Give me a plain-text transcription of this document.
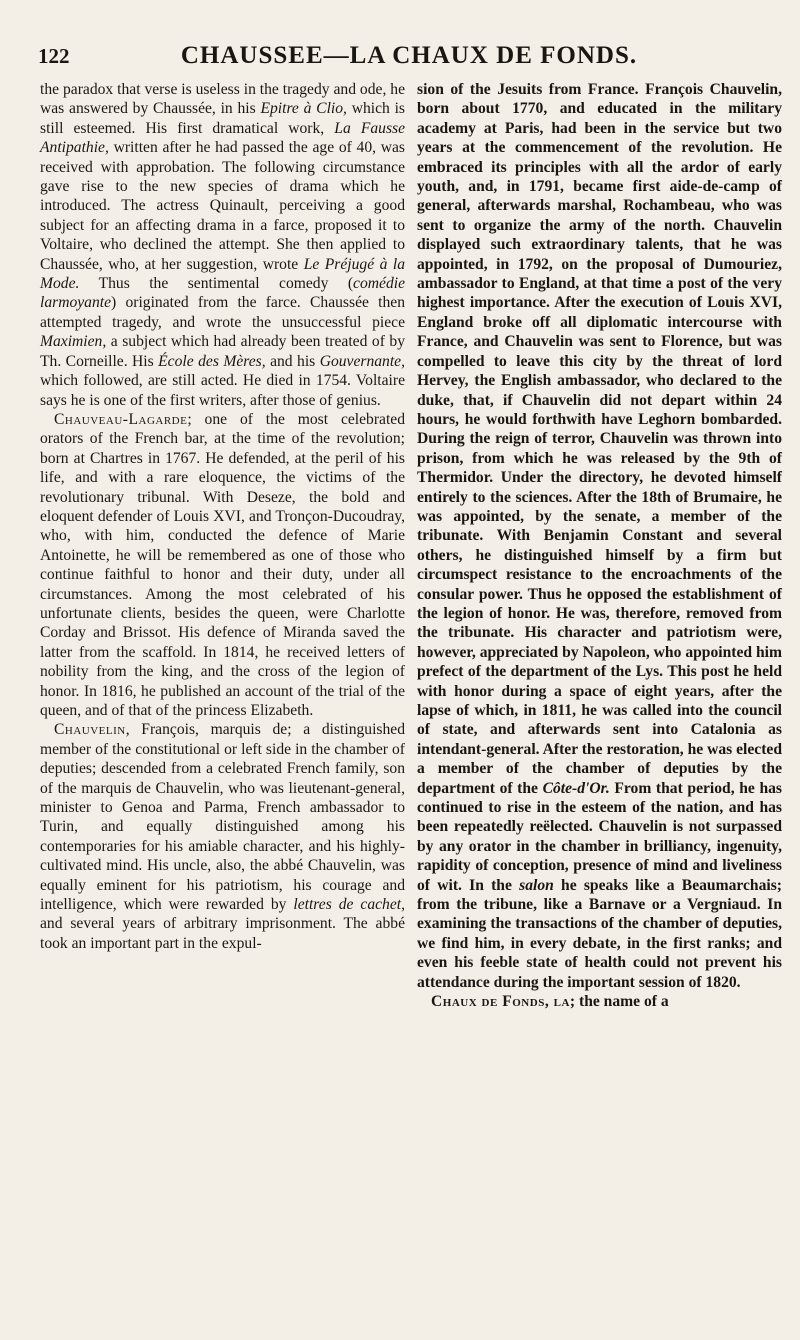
122	CHAUSSEE—LA CHAUX DE FONDS.

the paradox that verse is useless in the tragedy and ode, he was answered by Chaussée, in his Epitre à Clio, which is still esteemed. His first dramatical work, La Fausse Antipathie, written after he had passed the age of 40, was received with approbation. The following circumstance gave rise to the new species of drama which he introduced. The actress Quinault, perceiving a good subject for an affecting drama in a farce, proposed it to Voltaire, who declined the attempt. She then applied to Chaussée, who, at her suggestion, wrote Le Préjugé à la Mode. Thus the sentimental comedy (comédie larmoyante) originated from the farce. Chaussée then attempted tragedy, and wrote the unsuccessful piece Maximien, a subject which had already been treated of by Th. Corneille. His École des Mères, and his Gouvernante, which followed, are still acted. He died in 1754. Voltaire says he is one of the first writers, after those of genius.

Chauveau-Lagarde; one of the most celebrated orators of the French bar, at the time of the revolution; born at Chartres in 1767. He defended, at the peril of his life, and with a rare eloquence, the victims of the revolutionary tribunal. With Deseze, the bold and eloquent defender of Louis XVI, and Tronçon-Ducoudray, who, with him, conducted the defence of Marie Antoinette, he will be remembered as one of those who continue faithful to honor and their duty, under all circumstances. Among the most celebrated of his unfortunate clients, besides the queen, were Charlotte Corday and Brissot. His defence of Miranda saved the latter from the scaffold. In 1814, he received letters of nobility from the king, and the cross of the legion of honor. In 1816, he published an account of the trial of the queen, and of that of the princess Elizabeth.

Chauvelin, François, marquis de; a distinguished member of the constitutional or left side in the chamber of deputies; descended from a celebrated French family, son of the marquis de Chauvelin, who was lieutenant-general, minister to Genoa and Parma, French ambassador to Turin, and equally distinguished among his contemporaries for his amiable character, and his highly-cultivated mind. His uncle, also, the abbé Chauvelin, was equally eminent for his patriotism, his courage and intelligence, which were rewarded by lettres de cachet, and several years of arbitrary imprisonment. The abbé took an important part in the expul-

sion of the Jesuits from France. François Chauvelin, born about 1770, and educated in the military academy at Paris, had been in the service but two years at the commencement of the revolution. He embraced its principles with all the ardor of early youth, and, in 1791, became first aide-de-camp of general, afterwards marshal, Rochambeau, who was sent to organize the army of the north. Chauvelin displayed such extraordinary talents, that he was appointed, in 1792, on the proposal of Dumouriez, ambassador to England, at that time a post of the very highest importance. After the execution of Louis XVI, England broke off all diplomatic intercourse with France, and Chauvelin was sent to Florence, but was compelled to leave this city by the threat of lord Hervey, the English ambassador, who declared to the duke, that, if Chauvelin did not depart within 24 hours, he would forthwith have Leghorn bombarded. During the reign of terror, Chauvelin was thrown into prison, from which he was released by the 9th of Thermidor. Under the directory, he devoted himself entirely to the sciences. After the 18th of Brumaire, he was appointed, by the senate, a member of the tribunate. With Benjamin Constant and several others, he distinguished himself by a firm but circumspect resistance to the encroachments of the consular power. Thus he opposed the establishment of the legion of honor. He was, therefore, removed from the tribunate. His character and patriotism were, however, appreciated by Napoleon, who appointed him prefect of the department of the Lys. This post he held with honor during a space of eight years, after the lapse of which, in 1811, he was called into the council of state, and afterwards sent into Catalonia as intendant-general. After the restoration, he was elected a member of the chamber of deputies by the department of the Côte-d'Or. From that period, he has continued to rise in the esteem of the nation, and has been repeatedly reëlected. Chauvelin is not surpassed by any orator in the chamber in brilliancy, ingenuity, rapidity of conception, presence of mind and liveliness of wit. In the salon he speaks like a Beaumarchais; from the tribune, like a Barnave or a Vergniaud. In examining the transactions of the chamber of deputies, we find him, in every debate, in the first ranks; and even his feeble state of health could not prevent his attendance during the important session of 1820.

Chaux de Fonds, la; the name of a
